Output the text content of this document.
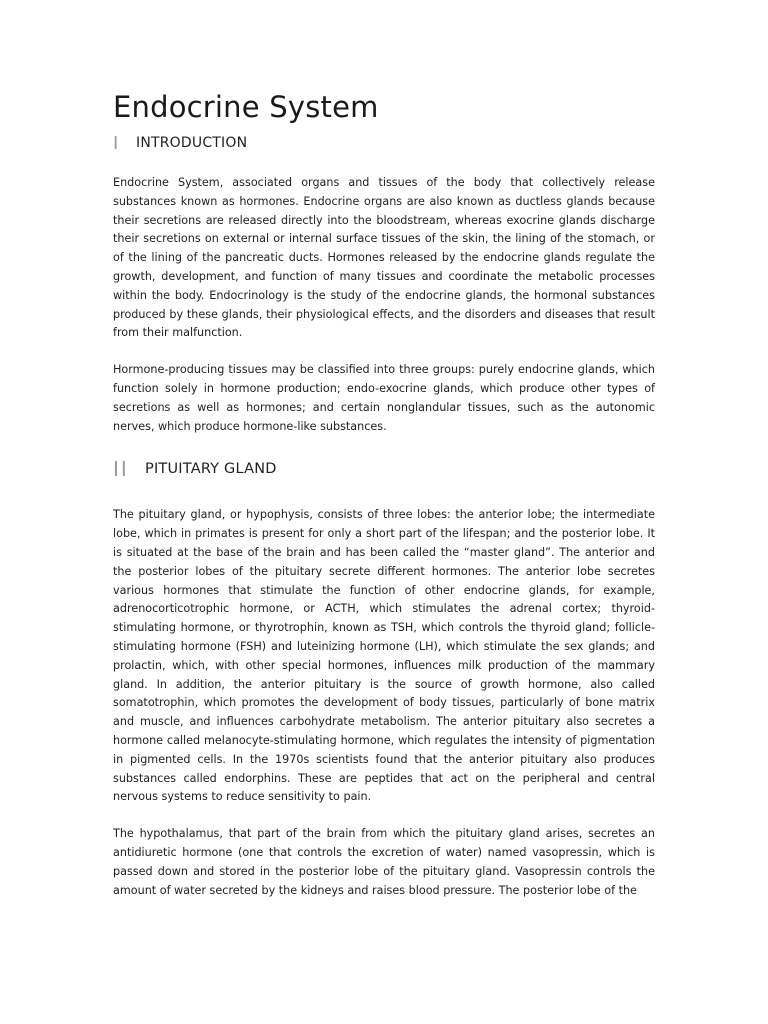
Endocrine System
I	INTRODUCTION

Endocrine System, associated organs and tissues of the body that collectively release substances known as hormones. Endocrine organs are also known as ductless glands because their secretions are released directly into the bloodstream, whereas exocrine glands discharge their secretions on external or internal surface tissues of the skin, the lining of the stomach, or of the lining of the pancreatic ducts. Hormones released by the endocrine glands regulate the growth, development, and function of many tissues and coordinate the metabolic processes within the body. Endocrinology is the study of the endocrine glands, the hormonal substances produced by these glands, their physiological effects, and the disorders and diseases that result from their malfunction.

Hormone-producing tissues may be classified into three groups: purely endocrine glands, which function solely in hormone production; endo-exocrine glands, which produce other types of secretions as well as hormones; and certain nonglandular tissues, such as the autonomic nerves, which produce hormone-like substances.

II	PITUITARY GLAND

The pituitary gland, or hypophysis, consists of three lobes: the anterior lobe; the intermediate lobe, which in primates is present for only a short part of the lifespan; and the posterior lobe. It is situated at the base of the brain and has been called the “master gland”. The anterior and the posterior lobes of the pituitary secrete different hormones. The anterior lobe secretes various hormones that stimulate the function of other endocrine glands, for example, adrenocorticotrophic hormone, or ACTH, which stimulates the adrenal cortex; thyroid-stimulating hormone, or thyrotrophin, known as TSH, which controls the thyroid gland; follicle-stimulating hormone (FSH) and luteinizing hormone (LH), which stimulate the sex glands; and prolactin, which, with other special hormones, influences milk production of the mammary gland. In addition, the anterior pituitary is the source of growth hormone, also called somatotrophin, which promotes the development of body tissues, particularly of bone matrix and muscle, and influences carbohydrate metabolism. The anterior pituitary also secretes a hormone called melanocyte-stimulating hormone, which regulates the intensity of pigmentation in pigmented cells. In the 1970s scientists found that the anterior pituitary also produces substances called endorphins. These are peptides that act on the peripheral and central nervous systems to reduce sensitivity to pain.

The hypothalamus, that part of the brain from which the pituitary gland arises, secretes an antidiuretic hormone (one that controls the excretion of water) named vasopressin, which is passed down and stored in the posterior lobe of the pituitary gland. Vasopressin controls the amount of water secreted by the kidneys and raises blood pressure. The posterior lobe of the
